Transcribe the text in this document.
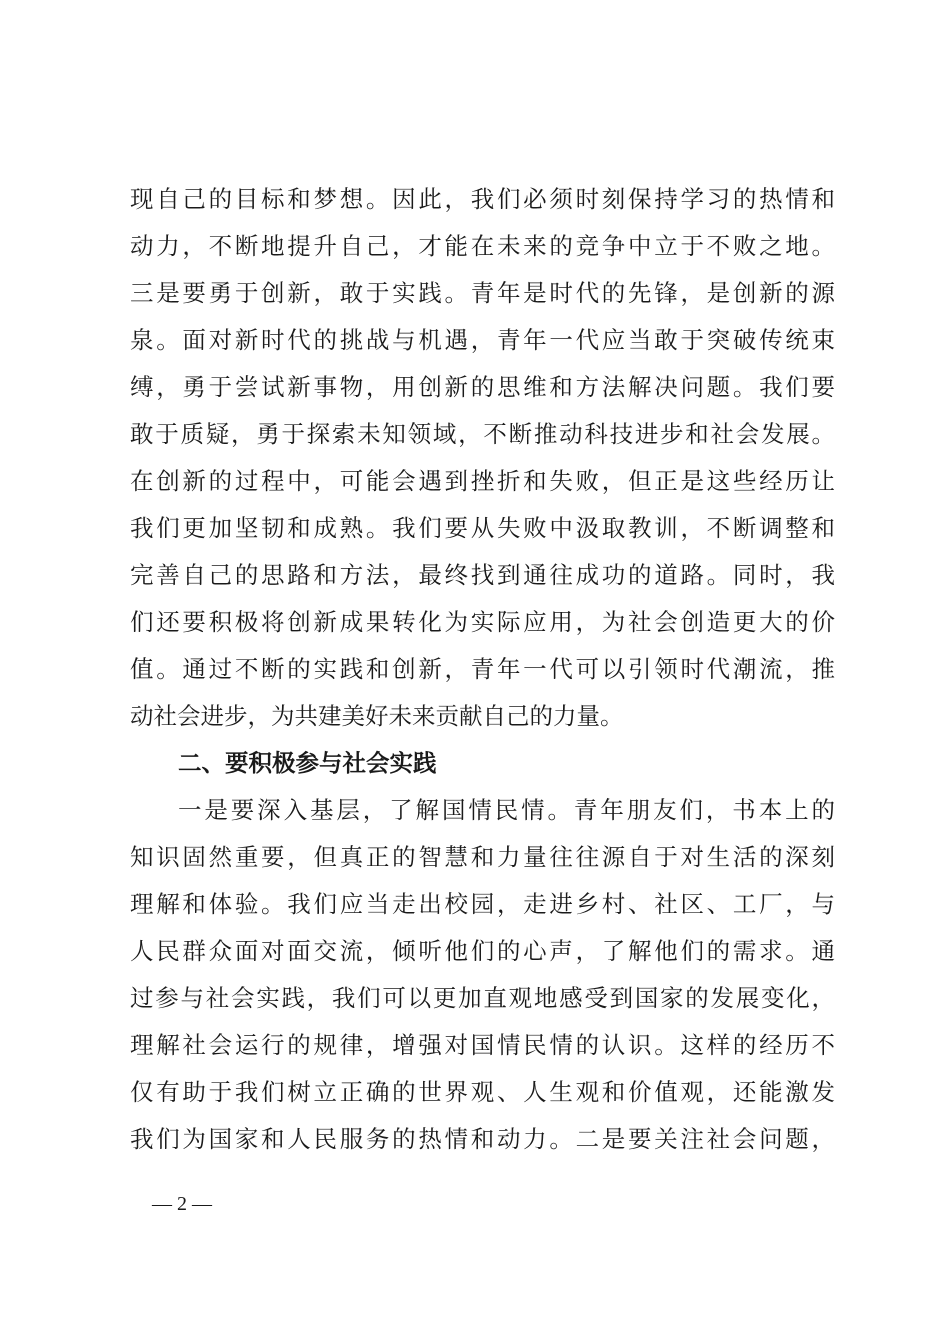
现自己的目标和梦想。因此，我们必须时刻保持学习的热情和
动力，不断地提升自己，才能在未来的竞争中立于不败之地。
三是要勇于创新，敢于实践。青年是时代的先锋，是创新的源
泉。面对新时代的挑战与机遇，青年一代应当敢于突破传统束
缚，勇于尝试新事物，用创新的思维和方法解决问题。我们要
敢于质疑，勇于探索未知领域，不断推动科技进步和社会发展。
在创新的过程中，可能会遇到挫折和失败，但正是这些经历让
我们更加坚韧和成熟。我们要从失败中汲取教训，不断调整和
完善自己的思路和方法，最终找到通往成功的道路。同时，我
们还要积极将创新成果转化为实际应用，为社会创造更大的价
值。通过不断的实践和创新，青年一代可以引领时代潮流，推
动社会进步，为共建美好未来贡献自己的力量。
二、要积极参与社会实践
一是要深入基层，了解国情民情。青年朋友们，书本上的
知识固然重要，但真正的智慧和力量往往源自于对生活的深刻
理解和体验。我们应当走出校园，走进乡村、社区、工厂，与
人民群众面对面交流，倾听他们的心声，了解他们的需求。通
过参与社会实践，我们可以更加直观地感受到国家的发展变化，
理解社会运行的规律，增强对国情民情的认识。这样的经历不
仅有助于我们树立正确的世界观、人生观和价值观，还能激发
我们为国家和人民服务的热情和动力。二是要关注社会问题，
— 2 —
